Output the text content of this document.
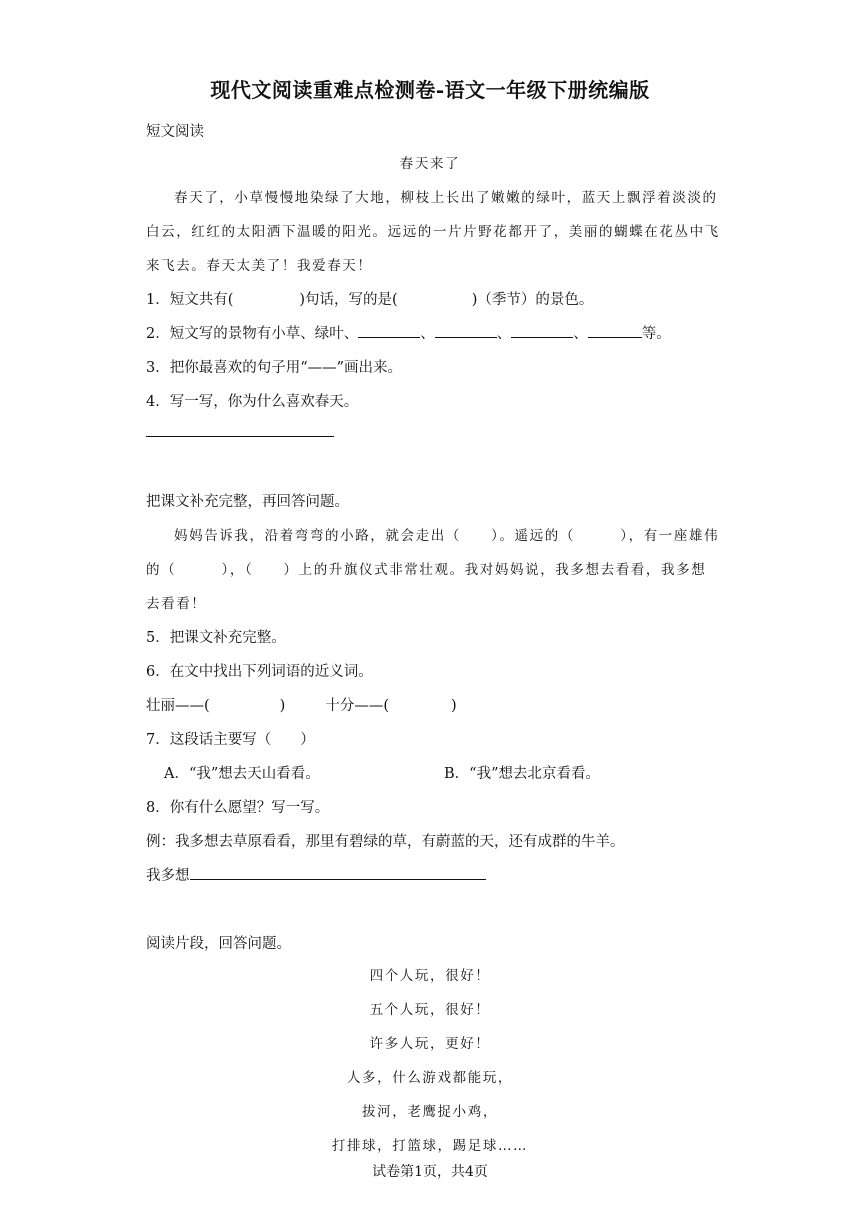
现代文阅读重难点检测卷-语文一年级下册统编版
短文阅读
春天来了
春天了，小草慢慢地染绿了大地，柳枝上长出了嫩嫩的绿叶，蓝天上飘浮着淡淡的
白云，红红的太阳洒下温暖的阳光。远远的一片片野花都开了，美丽的蝴蝶在花丛中飞
来飞去。春天太美了！我爱春天！
1．短文共有(	)句话，写的是(	)（季节）的景色。
2．短文写的景物有小草、绿叶、	、	、	、	等。
3．把你最喜欢的句子用“——”画出来。
4．写一写，你为什么喜欢春天。
把课文补充完整，再回答问题。
妈妈告诉我，沿着弯弯的小路，就会走出（　　）。遥远的（　　　），有一座雄伟
的（　　　），（　　）上的升旗仪式非常壮观。我对妈妈说，我多想去看看，我多想
去看看！
5．把课文补充完整。
6．在文中找出下列词语的近义词。
壮丽——(	)	十分——(	)
7．这段话主要写（　　）
A．“我”想去天山看看。	B．“我”想去北京看看。
8．你有什么愿望？写一写。
例：我多想去草原看看，那里有碧绿的草，有蔚蓝的天，还有成群的牛羊。
我多想
阅读片段，回答问题。
四个人玩，很好！
五个人玩，很好！
许多人玩，更好！
人多，什么游戏都能玩，
拔河，老鹰捉小鸡，
打排球，打篮球，踢足球……
试卷第1页，共4页
